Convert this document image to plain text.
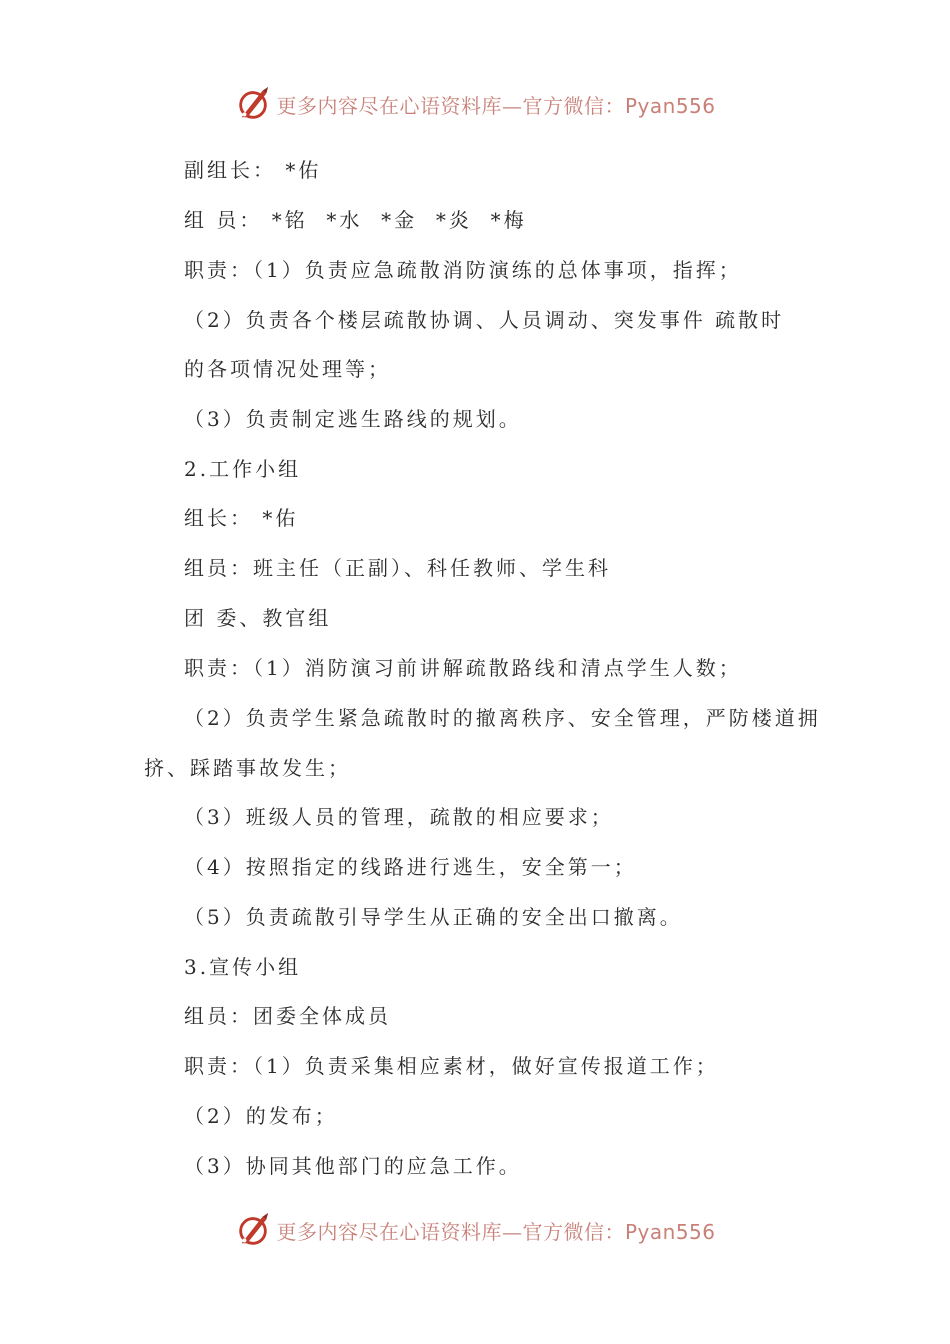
更多内容尽在心语资料库—官方微信：Pyan556
副组长： *佑
组 员： *铭  *水  *金  *炎  *梅
职责：（1）负责应急疏散消防演练的总体事项，指挥；
（2）负责各个楼层疏散协调、人员调动、突发事件 疏散时
的各项情况处理等；
（3）负责制定逃生路线的规划。
2.工作小组
组长： *佑
组员：班主任（正副）、科任教师、学生科
团 委、教官组
职责：（1）消防演习前讲解疏散路线和清点学生人数；
（2）负责学生紧急疏散时的撤离秩序、安全管理，严防楼道拥
挤、踩踏事故发生；
（3）班级人员的管理，疏散的相应要求；
（4）按照指定的线路进行逃生，安全第一；
（5）负责疏散引导学生从正确的安全出口撤离。
3.宣传小组
组员：团委全体成员
职责：（1）负责采集相应素材，做好宣传报道工作；
（2）的发布；
（3）协同其他部门的应急工作。
更多内容尽在心语资料库—官方微信：Pyan556
